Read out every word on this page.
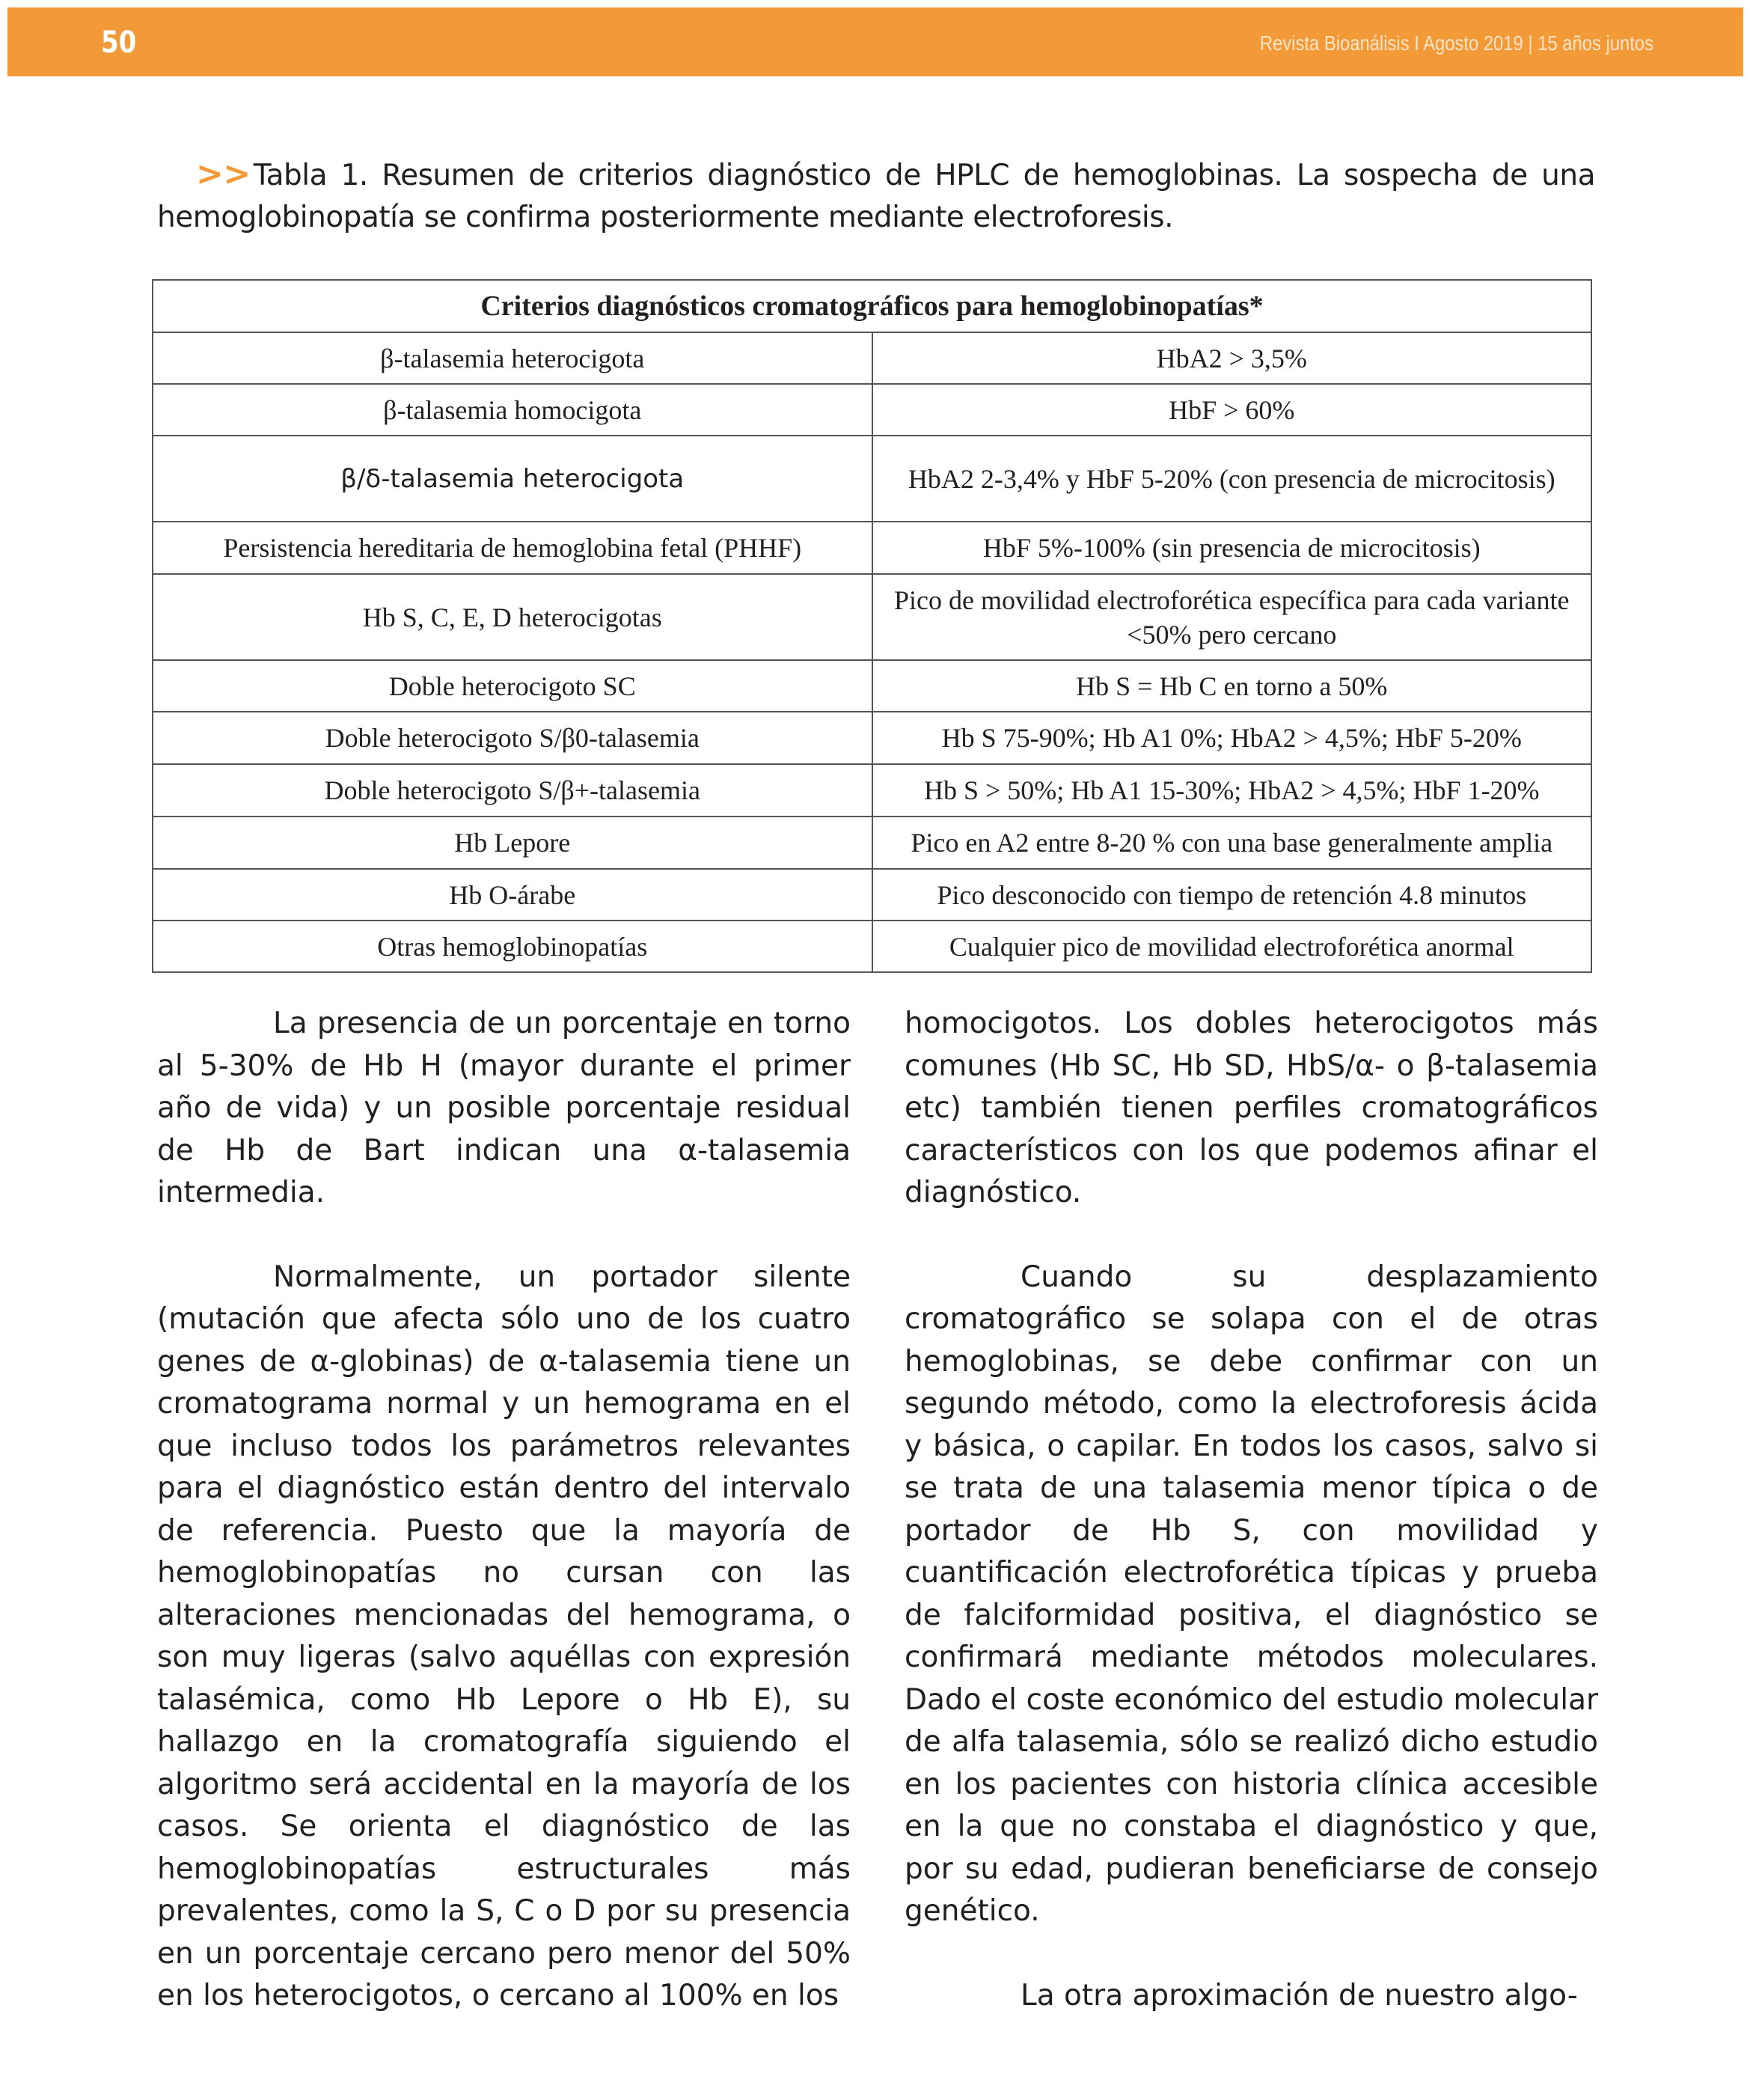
50	Revista Bioanálisis I Agosto 2019 | 15 años juntos
>> Tabla 1. Resumen de criterios diagnóstico de HPLC de hemoglobinas. La sospecha de una hemoglobinopatía se confirma posteriormente mediante electroforesis.
Criterios diagnósticos cromatográficos para hemoglobinopatías*	
β-talasemia heterocigota	HbA2 > 3,5%
β-talasemia homocigota	HbF > 60%
β/δ-talasemia heterocigota	HbA2 2-3,4% y HbF 5-20% (con presencia de microcitosis)
Persistencia hereditaria de hemoglobina fetal (PHHF)	HbF 5%-100% (sin presencia de microcitosis)
Hb S, C, E, D heterocigotas	Pico de movilidad electroforética específica para cada variante <50% pero cercano
Doble heterocigoto SC	Hb S = Hb C en torno a 50%
Doble heterocigoto S/β0-talasemia	Hb S 75-90%; Hb A1 0%; HbA2 > 4,5%; HbF 5-20%
Doble heterocigoto S/β+-talasemia	Hb S > 50%; Hb A1 15-30%; HbA2 > 4,5%; HbF 1-20%
Hb Lepore	Pico en A2 entre 8-20 % con una base generalmente amplia
Hb O-árabe	Pico desconocido con tiempo de retención 4.8 minutos
Otras hemoglobinopatías	Cualquier pico de movilidad electroforética anormal

La presencia de un porcentaje en torno al 5-30% de Hb H (mayor durante el primer año de vida) y un posible porcentaje residual de Hb de Bart indican una α-talasemia intermedia.

Normalmente, un portador silente (mutación que afecta sólo uno de los cuatro genes de α-globinas) de α-talasemia tiene un cromatograma normal y un hemograma en el que incluso todos los parámetros relevantes para el diagnóstico están dentro del intervalo de referencia. Puesto que la mayoría de hemoglobinopatías no cursan con las alteraciones mencionadas del hemograma, o son muy ligeras (salvo aquéllas con expresión talasémica, como Hb Lepore o Hb E), su hallazgo en la cromatografía siguiendo el algoritmo será accidental en la mayoría de los casos. Se orienta el diagnóstico de las hemoglobinopatías estructurales más prevalentes, como la S, C o D por su presencia en un porcentaje cercano pero menor del 50% en los heterocigotos, o cercano al 100% en los

homocigotos. Los dobles heterocigotos más comunes (Hb SC, Hb SD, HbS/α- o β-talasemia etc) también tienen perfiles cromatográficos característicos con los que podemos afinar el diagnóstico.

Cuando su desplazamiento cromatográfico se solapa con el de otras hemoglobinas, se debe confirmar con un segundo método, como la electroforesis ácida y básica, o capilar. En todos los casos, salvo si se trata de una talasemia menor típica o de portador de Hb S, con movilidad y cuantificación electroforética típicas y prueba de falciformidad positiva, el diagnóstico se confirmará mediante métodos moleculares. Dado el coste económico del estudio molecular de alfa talasemia, sólo se realizó dicho estudio en los pacientes con historia clínica accesible en la que no constaba el diagnóstico y que, por su edad, pudieran beneficiarse de consejo genético.

La otra aproximación de nuestro algo-
